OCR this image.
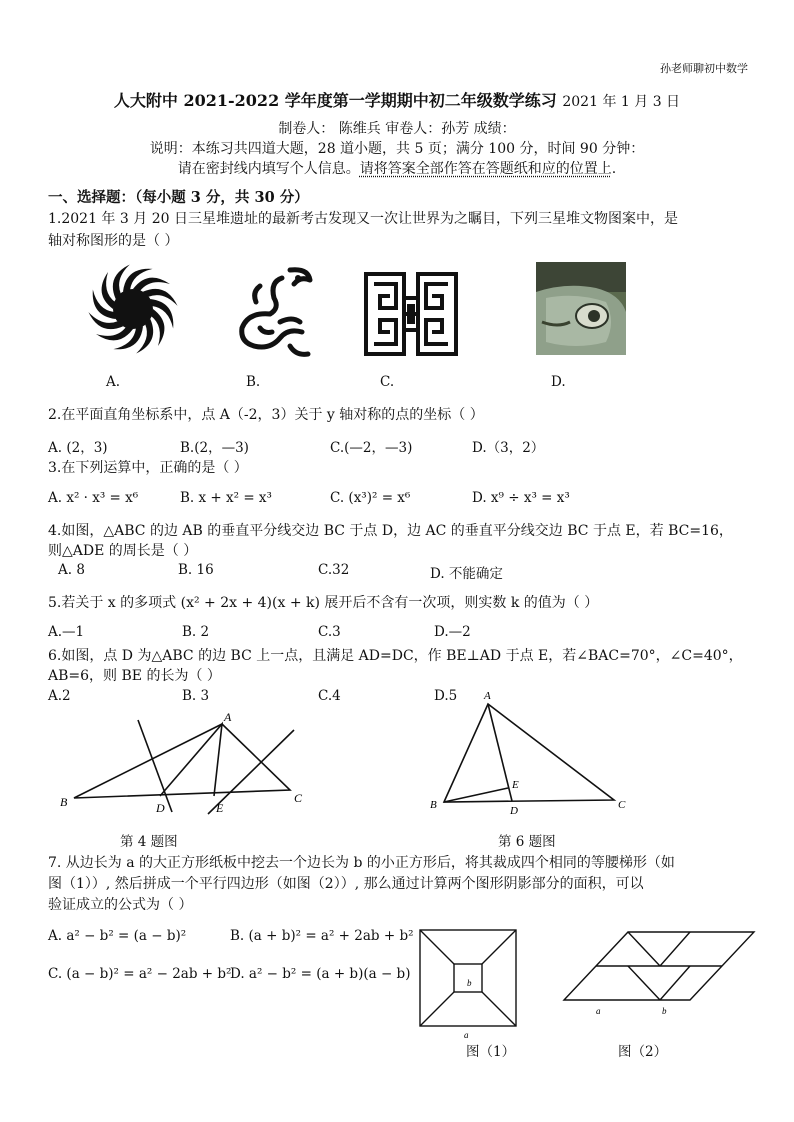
孙老师聊初中数学
人大附中 2021-2022 学年度第一学期期中初二年级数学练习 2021 年 1 月 3 日
制卷人： 陈维兵 审卷人：孙芳 成绩：
说明：本练习共四道大题，28 道小题，共 5 页；满分 100 分，时间 90 分钟：
请在密封线内填写个人信息。请将答案全部作答在答题纸和应的位置上.
一、选择题：（每小题 3 分，共 30 分）
1.2021 年 3 月 20 日三星堆遗址的最新考古发现又一次让世界为之瞩目，下列三星堆文物图案中，是
轴对称图形的是（ ）
A.	B.	C.	D.
2.在平面直角坐标系中，点 A（-2，3）关于 y 轴对称的点的坐标（ ）
A. (2，3)	B.(2，—3)	C.(—2，—3)	D.（3，2）
3.在下列运算中，正确的是（ ）
A. x² · x³ = x⁶	B. x + x² = x³	C. (x³)² = x⁶	D. x⁹ ÷ x³ = x³
4.如图，△ABC 的边 AB 的垂直平分线交边 BC 于点 D，边 AC 的垂直平分线交边 BC 于点 E，若 BC=16，
则△ADE 的周长是（ ）
A. 8	B. 16	C.32	D. 不能确定
5.若关于 x 的多项式 (x² + 2x + 4)(x + k) 展开后不含有一次项，则实数 k 的值为（ ）
A.—1	B. 2	C.3	D.—2
6.如图，点 D 为△ABC 的边 BC 上一点，且满足 AD=DC，作 BE⊥AD 于点 E，若∠BAC=70°，∠C=40°，
AB=6，则 BE 的长为（ ）
A.2	B. 3	C.4	D.5
A
B	D	E
C
第 4 题图
A
B	D
E
C
第 6 题图
7. 从边长为 a 的大正方形纸板中挖去一个边长为 b 的小正方形后，将其裁成四个相同的等腰梯形（如
图（1））, 然后拼成一个平行四边形（如图（2））, 那么通过计算两个图形阴影部分的面积，可以
验证成立的公式为（ ）
A. a² − b² = (a − b)²	B. (a + b)² = a² + 2ab + b²
C. (a − b)² = a² − 2ab + b²
D. a² − b² = (a + b)(a − b)
b
a
图（1）
a	b
图（2）
